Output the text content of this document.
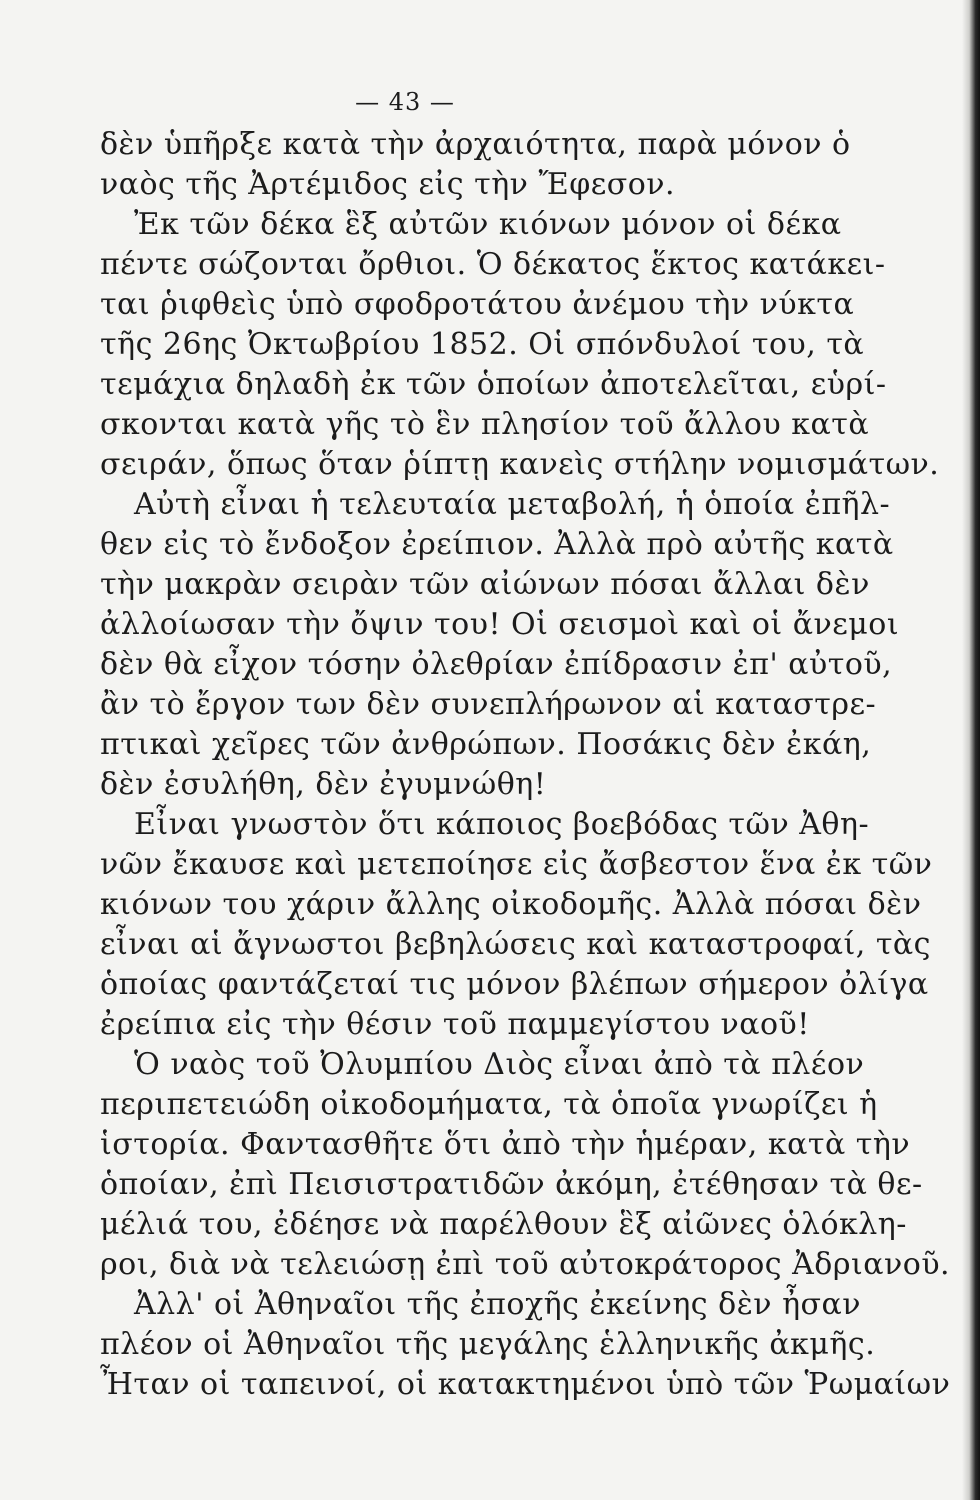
— 43 —
δὲν ὑπῆρξε κατὰ τὴν ἀρχαιότητα, παρὰ μόνον ὁ
ναὸς τῆς Ἀρτέμιδος εἰς τὴν Ἔφεσον.
Ἐκ τῶν δέκα ἓξ αὐτῶν κιόνων μόνον οἱ δέκα
πέντε σώζονται ὄρθιοι. Ὁ δέκατος ἕκτος κατάκει-
ται ῥιφθεὶς ὑπὸ σφοδροτάτου ἀνέμου τὴν νύκτα
τῆς 26ης Ὀκτωβρίου 1852. Οἱ σπόνδυλοί του, τὰ
τεμάχια δηλαδὴ ἐκ τῶν ὁποίων ἀποτελεῖται, εὑρί-
σκονται κατὰ γῆς τὸ ἓν πλησίον τοῦ ἄλλου κατὰ
σειράν, ὅπως ὅταν ῥίπτῃ κανεὶς στήλην νομισμάτων.
Αὐτὴ εἶναι ἡ τελευταία μεταβολή, ἡ ὁποία ἐπῆλ-
θεν εἰς τὸ ἔνδοξον ἐρείπιον. Ἀλλὰ πρὸ αὐτῆς κατὰ
τὴν μακρὰν σειρὰν τῶν αἰώνων πόσαι ἄλλαι δὲν
ἀλλοίωσαν τὴν ὄψιν του! Οἱ σεισμοὶ καὶ οἱ ἄνεμοι
δὲν θὰ εἶχον τόσην ὀλεθρίαν ἐπίδρασιν ἐπ' αὐτοῦ,
ἂν τὸ ἔργον των δὲν συνεπλήρωνον αἱ καταστρε-
πτικαὶ χεῖρες τῶν ἀνθρώπων. Ποσάκις δὲν ἐκάη,
δὲν ἐσυλήθη, δὲν ἐγυμνώθη!
Εἶναι γνωστὸν ὅτι κάποιος βοεβόδας τῶν Ἀθη-
νῶν ἔκαυσε καὶ μετεποίησε εἰς ἄσβεστον ἕνα ἐκ τῶν
κιόνων του χάριν ἄλλης οἰκοδομῆς. Ἀλλὰ πόσαι δὲν
εἶναι αἱ ἄγνωστοι βεβηλώσεις καὶ καταστροφαί, τὰς
ὁποίας φαντάζεταί τις μόνον βλέπων σήμερον ὀλίγα
ἐρείπια εἰς τὴν θέσιν τοῦ παμμεγίστου ναοῦ!
Ὁ ναὸς τοῦ Ὀλυμπίου Διὸς εἶναι ἀπὸ τὰ πλέον
περιπετειώδη οἰκοδομήματα, τὰ ὁποῖα γνωρίζει ἡ
ἱστορία. Φαντασθῆτε ὅτι ἀπὸ τὴν ἡμέραν, κατὰ τὴν
ὁποίαν, ἐπὶ Πεισιστρατιδῶν ἀκόμη, ἐτέθησαν τὰ θε-
μέλιά του, ἐδέησε νὰ παρέλθουν ἓξ αἰῶνες ὁλόκλη-
ροι, διὰ νὰ τελειώσῃ ἐπὶ τοῦ αὐτοκράτορος Ἀδριανοῦ.
Ἀλλ' οἱ Ἀθηναῖοι τῆς ἐποχῆς ἐκείνης δὲν ἦσαν
πλέον οἱ Ἀθηναῖοι τῆς μεγάλης ἑλληνικῆς ἀκμῆς.
Ἦταν οἱ ταπεινοί, οἱ κατακτημένοι ὑπὸ τῶν Ῥωμαίων
